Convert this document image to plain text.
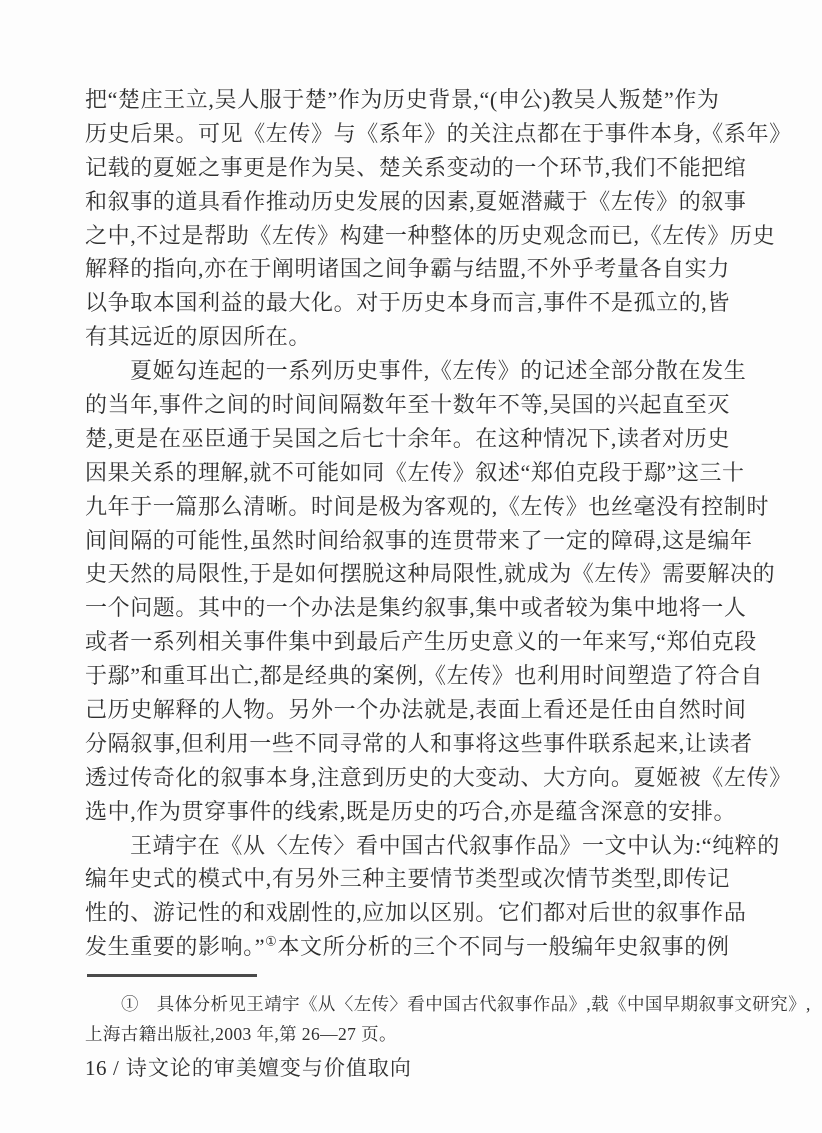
把“楚庄王立,吴人服于楚”作为历史背景,“(申公)教吴人叛楚”作为
历史后果。可见《左传》与《系年》的关注点都在于事件本身,《系年》
记载的夏姬之事更是作为吴、楚关系变动的一个环节,我们不能把绾
和叙事的道具看作推动历史发展的因素,夏姬潜藏于《左传》的叙事
之中,不过是帮助《左传》构建一种整体的历史观念而已,《左传》历史
解释的指向,亦在于阐明诸国之间争霸与结盟,不外乎考量各自实力
以争取本国利益的最大化。对于历史本身而言,事件不是孤立的,皆
有其远近的原因所在。
夏姬勾连起的一系列历史事件,《左传》的记述全部分散在发生
的当年,事件之间的时间间隔数年至十数年不等,吴国的兴起直至灭
楚,更是在巫臣通于吴国之后七十余年。在这种情况下,读者对历史
因果关系的理解,就不可能如同《左传》叙述“郑伯克段于鄢”这三十
九年于一篇那么清晰。时间是极为客观的,《左传》也丝毫没有控制时
间间隔的可能性,虽然时间给叙事的连贯带来了一定的障碍,这是编年
史天然的局限性,于是如何摆脱这种局限性,就成为《左传》需要解决的
一个问题。其中的一个办法是集约叙事,集中或者较为集中地将一人
或者一系列相关事件集中到最后产生历史意义的一年来写,“郑伯克段
于鄢”和重耳出亡,都是经典的案例,《左传》也利用时间塑造了符合自
己历史解释的人物。另外一个办法就是,表面上看还是任由自然时间
分隔叙事,但利用一些不同寻常的人和事将这些事件联系起来,让读者
透过传奇化的叙事本身,注意到历史的大变动、大方向。夏姬被《左传》
选中,作为贯穿事件的线索,既是历史的巧合,亦是蕴含深意的安排。
王靖宇在《从〈左传〉看中国古代叙事作品》一文中认为:“纯粹的
编年史式的模式中,有另外三种主要情节类型或次情节类型,即传记
性的、游记性的和戏剧性的,应加以区别。它们都对后世的叙事作品
发生重要的影响。”①本文所分析的三个不同与一般编年史叙事的例
①　具体分析见王靖宇《从〈左传〉看中国古代叙事作品》,载《中国早期叙事文研究》,
上海古籍出版社,2003 年,第 26—27 页。
16 / 诗文论的审美嬗变与价值取向
